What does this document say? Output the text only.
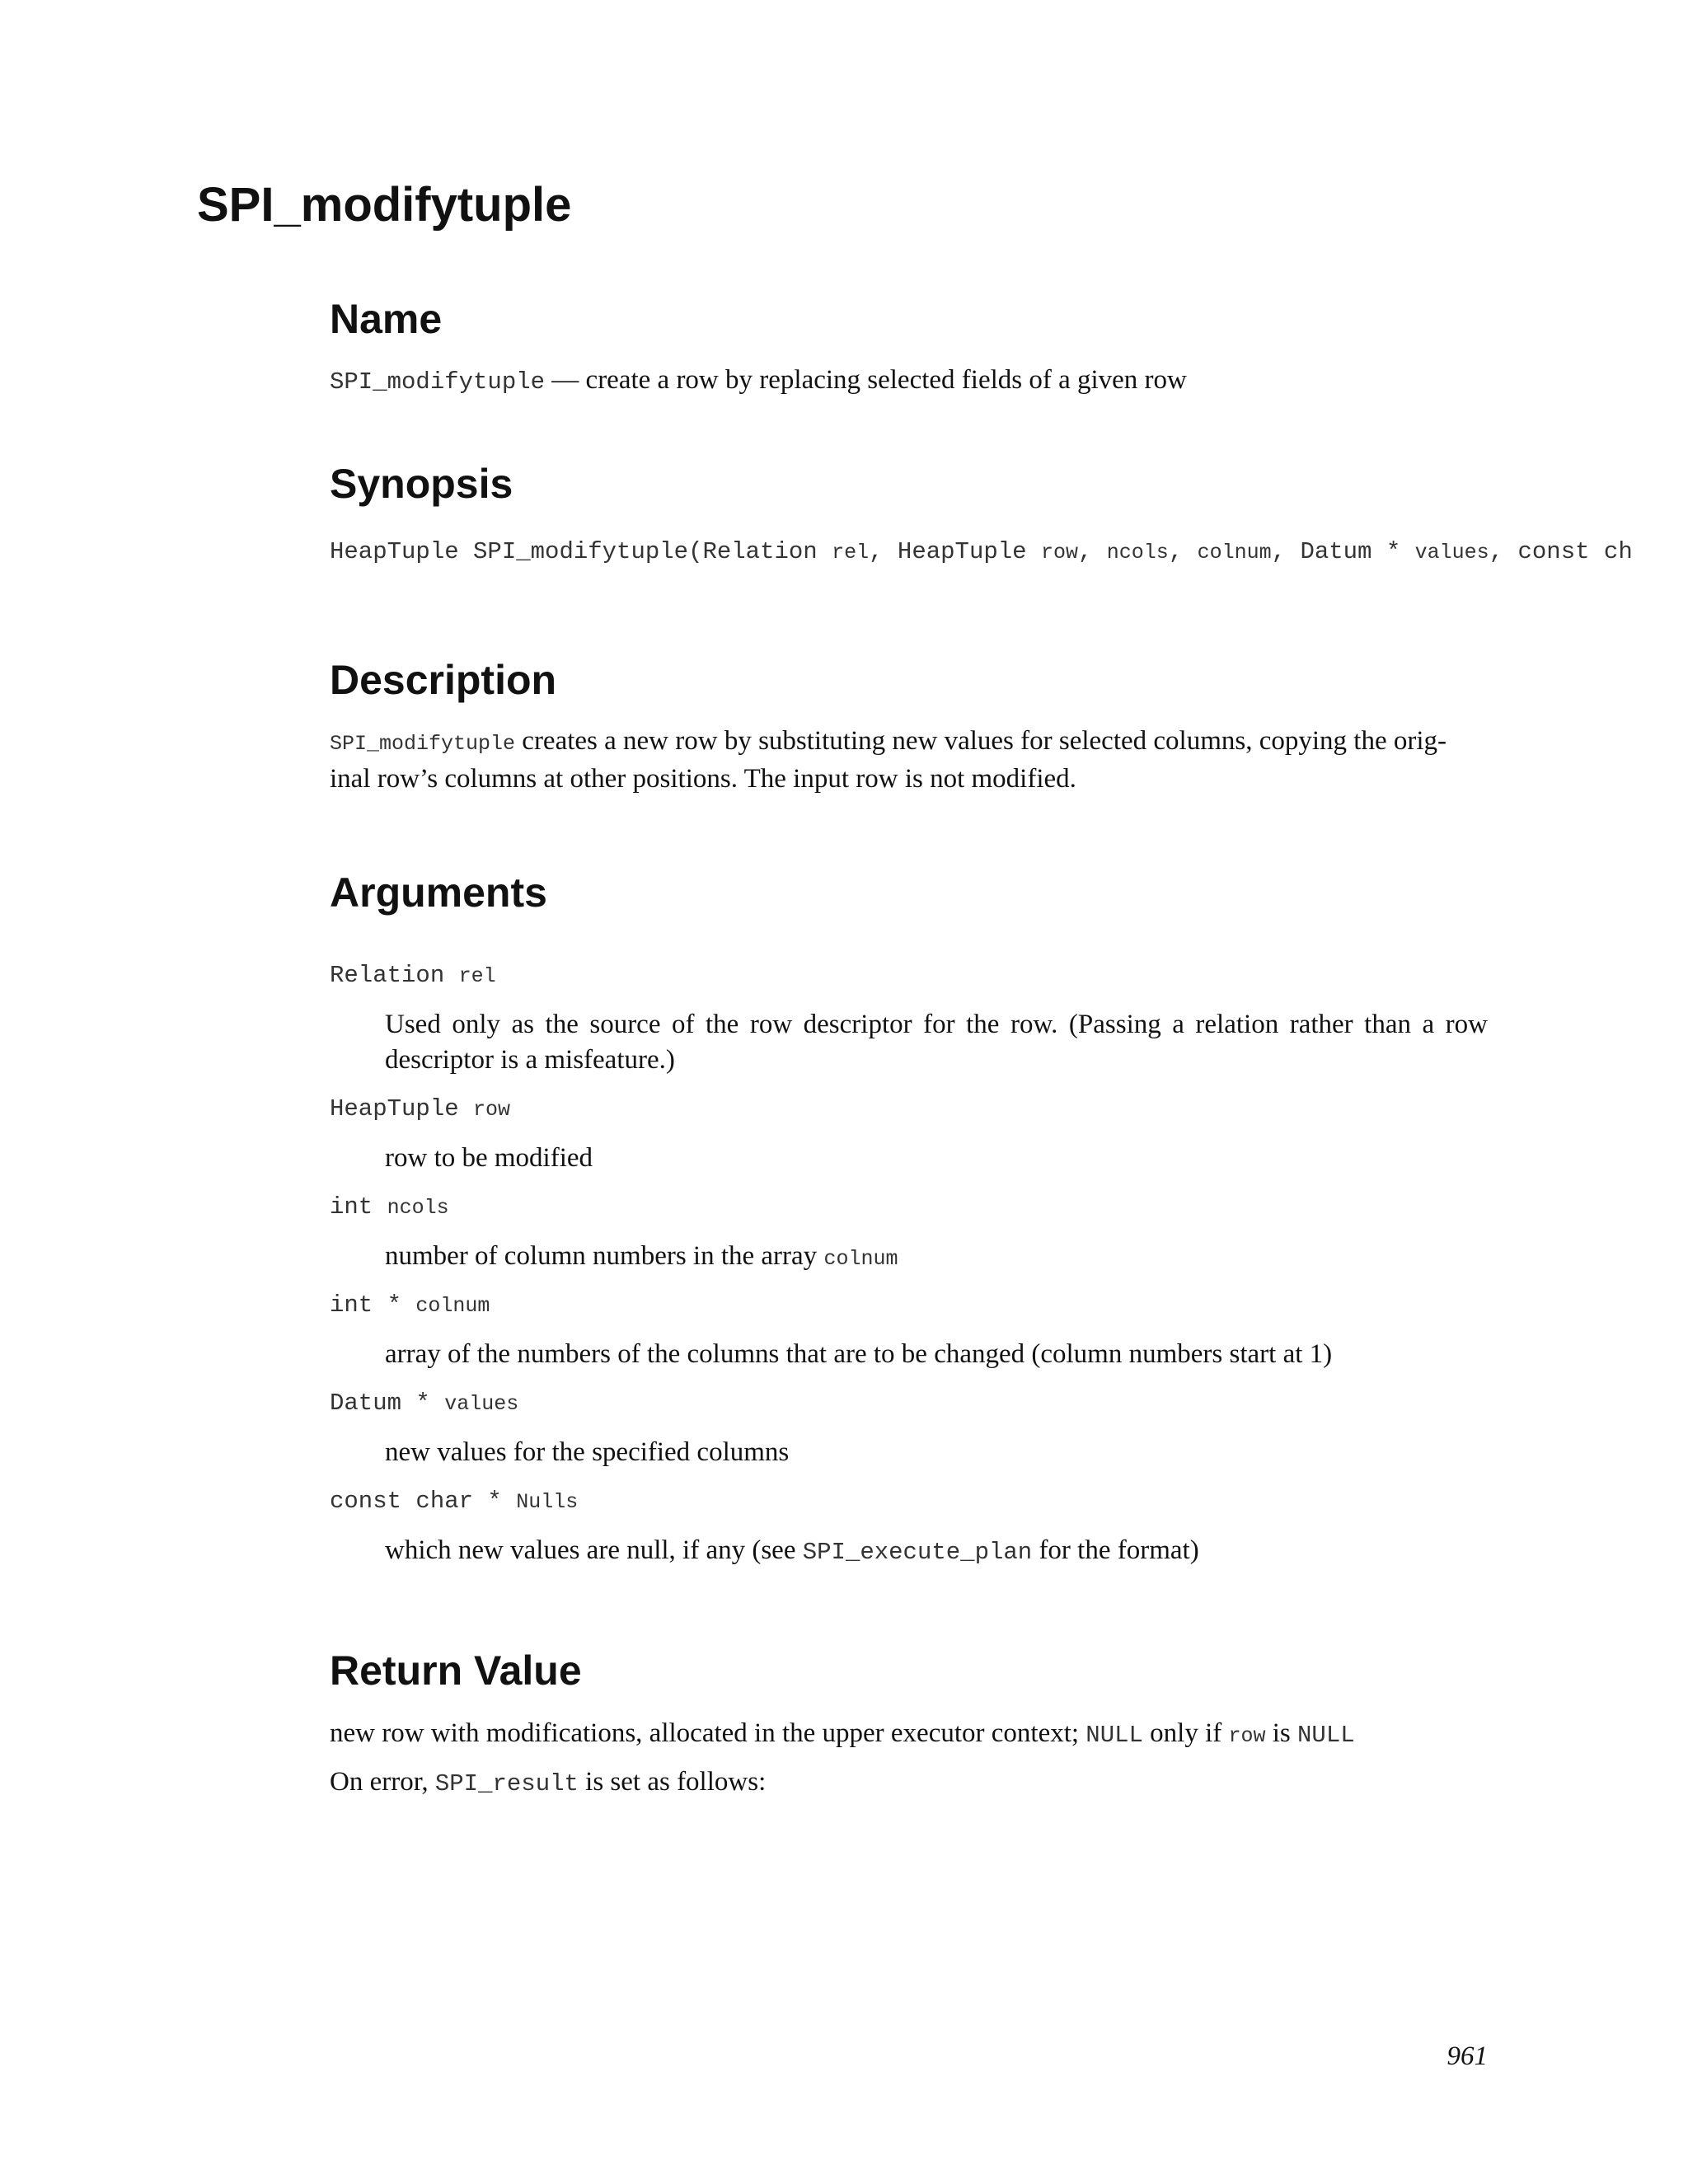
SPI_modifytuple
Name

SPI_modifytuple — create a row by replacing selected fields of a given row

Synopsis
HeapTuple SPI_modifytuple(Relation rel, HeapTuple row, ncols, colnum, Datum * values, const ch
Description
SPI_modifytuple creates a new row by substituting new values for selected columns, copying the orig-
inal row’s columns at other positions. The input row is not modified.
Arguments
Relation rel
Used only as the source of the row descriptor for the row. (Passing a relation rather than a row
descriptor is a misfeature.)
HeapTuple row
row to be modified
int ncols
number of column numbers in the array colnum
int * colnum
array of the numbers of the columns that are to be changed (column numbers start at 1)
Datum * values
new values for the specified columns
const char * Nulls
which new values are null, if any (see SPI_execute_plan for the format)
Return Value

new row with modifications, allocated in the upper executor context; NULL only if row is NULL

On error, SPI_result is set as follows:

961
